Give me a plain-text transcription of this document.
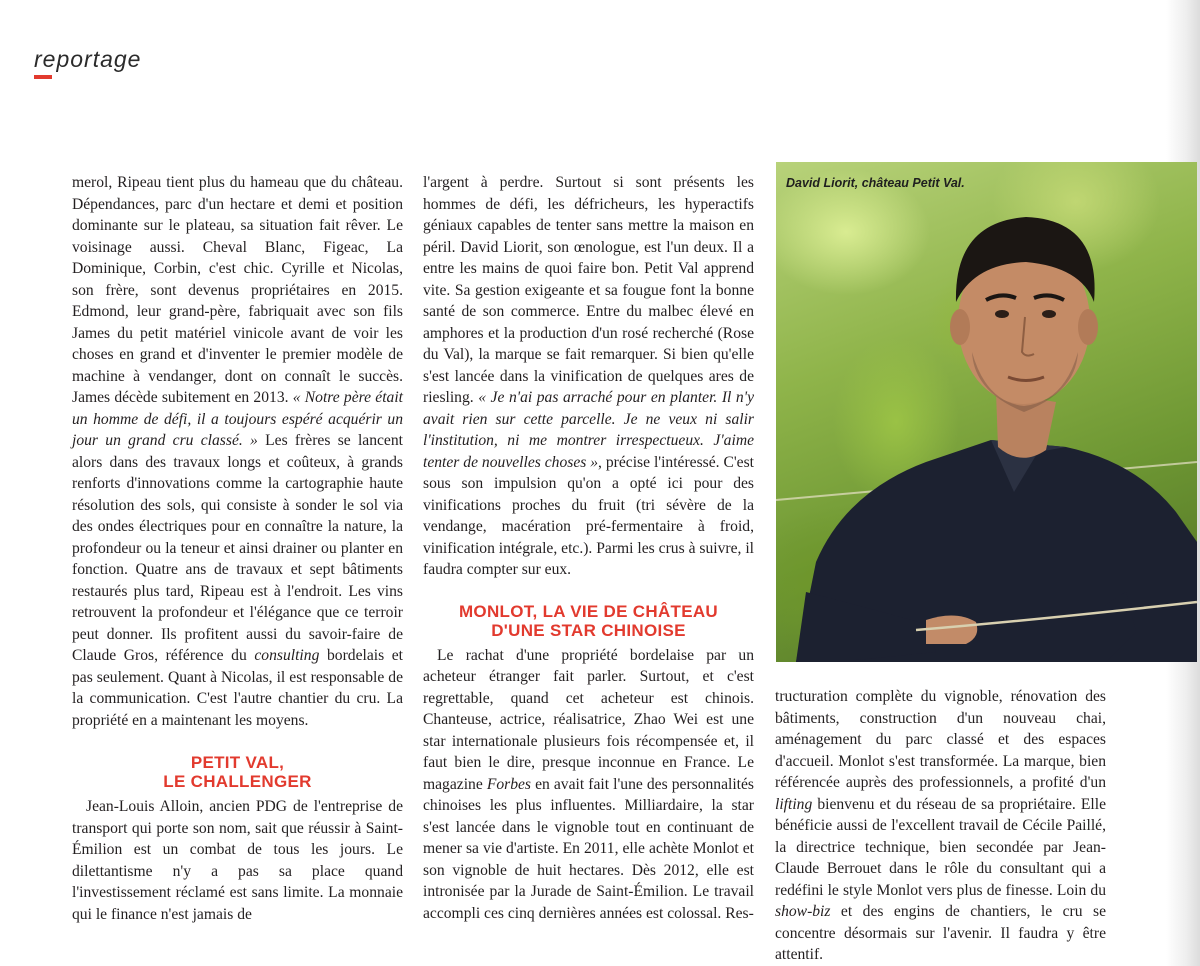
reportage

merol, Ripeau tient plus du hameau que du château. Dépendances, parc d'un hectare et demi et position dominante sur le plateau, sa situation fait rêver. Le voisinage aussi. Cheval Blanc, Figeac, La Dominique, Corbin, c'est chic. Cyrille et Nicolas, son frère, sont devenus propriétaires en 2015. Edmond, leur grand-père, fabriquait avec son fils James du petit matériel vinicole avant de voir les choses en grand et d'inventer le premier modèle de machine à vendanger, dont on connaît le succès. James décède subitement en 2013. « Notre père était un homme de défi, il a toujours espéré acquérir un jour un grand cru classé. » Les frères se lancent alors dans des travaux longs et coûteux, à grands renforts d'innovations comme la cartographie haute résolution des sols, qui consiste à sonder le sol via des ondes électriques pour en connaître la nature, la profondeur ou la teneur et ainsi drainer ou planter en fonction. Quatre ans de travaux et sept bâtiments restaurés plus tard, Ripeau est à l'endroit. Les vins retrouvent la profondeur et l'élégance que ce terroir peut donner. Ils profitent aussi du savoir-faire de Claude Gros, référence du consulting bordelais et pas seulement. Quant à Nicolas, il est responsable de la communication. C'est l'autre chantier du cru. La propriété en a maintenant les moyens.

PETIT VAL,
LE CHALLENGER

Jean-Louis Alloin, ancien PDG de l'entreprise de transport qui porte son nom, sait que réussir à Saint-Émilion est un combat de tous les jours. Le dilettantisme n'y a pas sa place quand l'investissement réclamé est sans limite. La monnaie qui le finance n'est jamais de

l'argent à perdre. Surtout si sont présents les hommes de défi, les défricheurs, les hyperactifs géniaux capables de tenter sans mettre la maison en péril. David Liorit, son œnologue, est l'un deux. Il a entre les mains de quoi faire bon. Petit Val apprend vite. Sa gestion exigeante et sa fougue font la bonne santé de son commerce. Entre du malbec élevé en amphores et la production d'un rosé recherché (Rose du Val), la marque se fait remarquer. Si bien qu'elle s'est lancée dans la vinification de quelques ares de riesling. « Je n'ai pas arraché pour en planter. Il n'y avait rien sur cette parcelle. Je ne veux ni salir l'institution, ni me montrer irrespectueux. J'aime tenter de nouvelles choses », précise l'intéressé. C'est sous son impulsion qu'on a opté ici pour des vinifications proches du fruit (tri sévère de la vendange, macération pré-fermentaire à froid, vinification intégrale, etc.). Parmi les crus à suivre, il faudra compter sur eux.

MONLOT, LA VIE DE CHÂTEAU
D'UNE STAR CHINOISE

Le rachat d'une propriété bordelaise par un acheteur étranger fait parler. Surtout, et c'est regrettable, quand cet acheteur est chinois. Chanteuse, actrice, réalisatrice, Zhao Wei est une star internationale plusieurs fois récompensée et, il faut bien le dire, presque inconnue en France. Le magazine Forbes en avait fait l'une des personnalités chinoises les plus influentes. Milliardaire, la star s'est lancée dans le vignoble tout en continuant de mener sa vie d'artiste. En 2011, elle achète Monlot et son vignoble de huit hectares. Dès 2012, elle est intronisée par la Jurade de Saint-Émilion. Le travail accompli ces cinq dernières années est colossal. Res-

David Liorit, château Petit Val.

tructuration complète du vignoble, rénovation des bâtiments, construction d'un nouveau chai, aménagement du parc classé et des espaces d'accueil. Monlot s'est transformée. La marque, bien référencée auprès des professionnels, a profité d'un lifting bienvenu et du réseau de sa propriétaire. Elle bénéficie aussi de l'excellent travail de Cécile Paillé, la directrice technique, bien secondée par Jean-Claude Berrouet dans le rôle du consultant qui a redéfini le style Monlot vers plus de finesse. Loin du show-biz et des engins de chantiers, le cru se concentre désormais sur l'avenir. Il faudra y être attentif.
